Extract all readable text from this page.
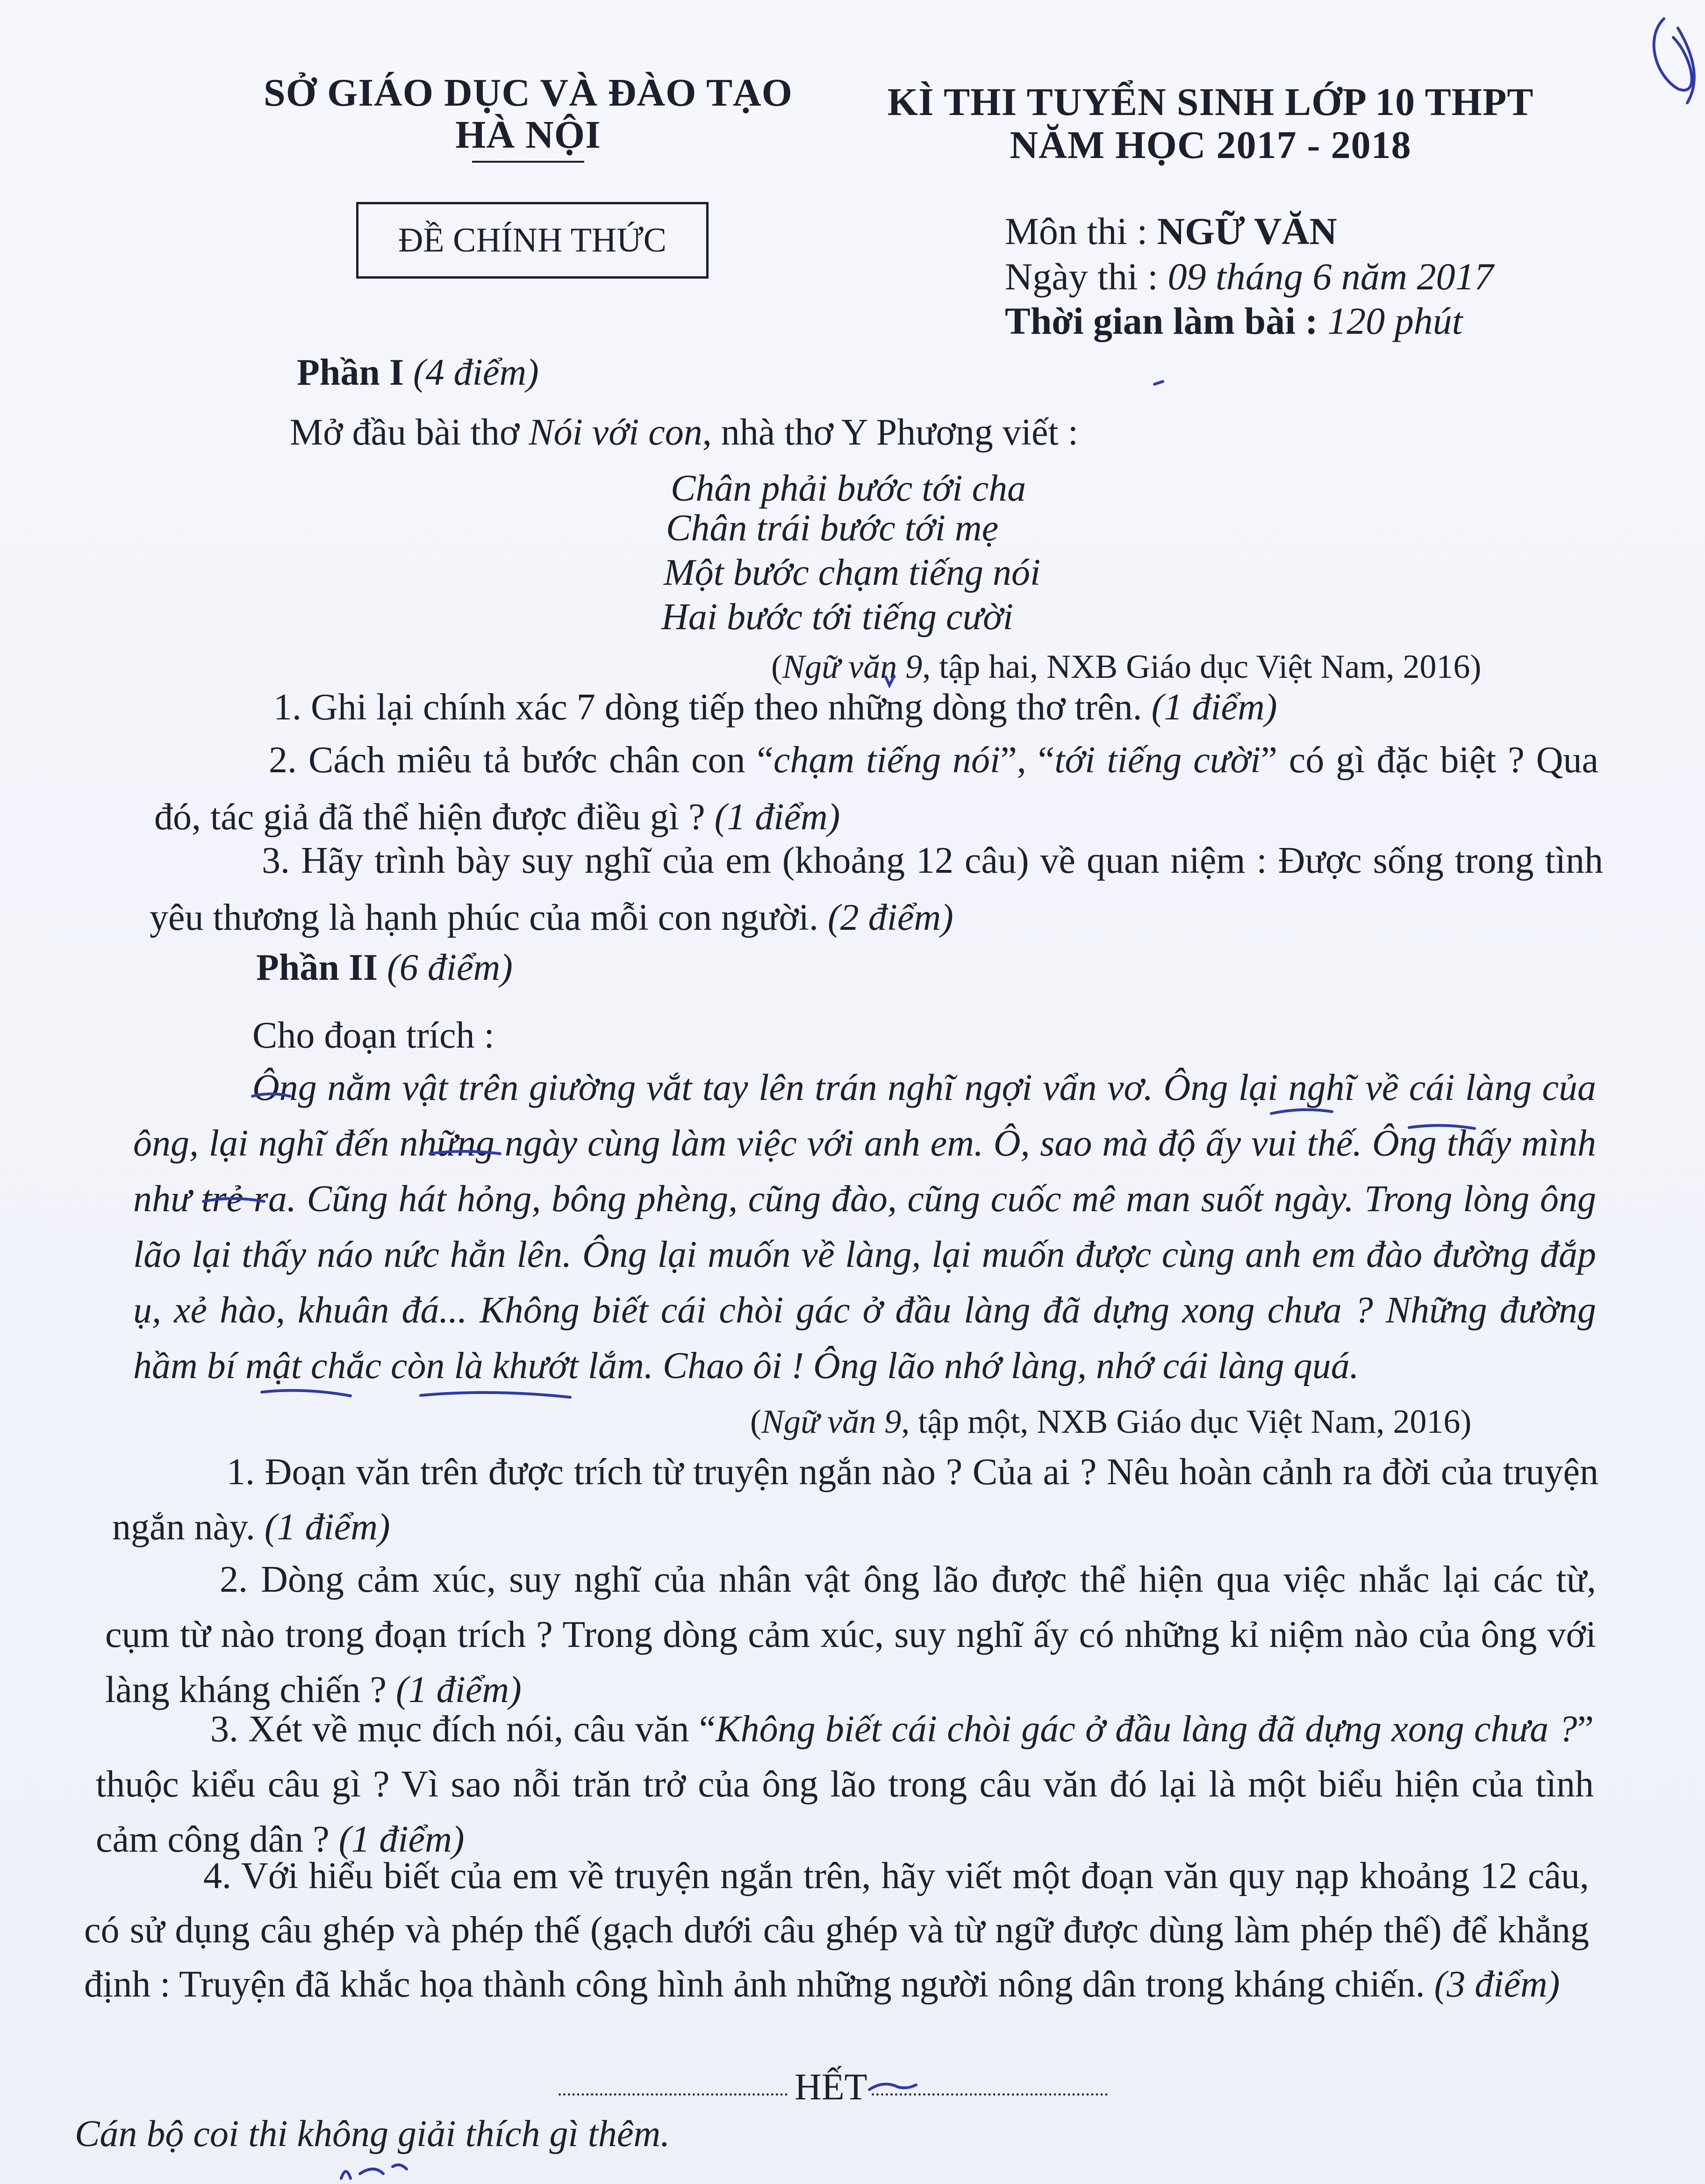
SỞ GIÁO DỤC VÀ ĐÀO TẠO
HÀ NỘI
KÌ THI TUYỂN SINH LỚP 10 THPT
NĂM HỌC 2017 - 2018
ĐỀ CHÍNH THỨC	Môn thi : NGỮ VĂN
Ngày thi : 09 tháng 6 năm 2017
Thời gian làm bài : 120 phút
Phần I (4 điểm)
Mở đầu bài thơ Nói với con, nhà thơ Y Phương viết :
Chân phải bước tới cha
Chân trái bước tới mẹ
Một bước chạm tiếng nói
Hai bước tới tiếng cười
(Ngữ văn 9, tập hai, NXB Giáo dục Việt Nam, 2016)
1. Ghi lại chính xác 7 dòng tiếp theo những dòng thơ trên. (1 điểm)
2. Cách miêu tả bước chân con “chạm tiếng nói”, “tới tiếng cười” có gì đặc biệt ? Qua đó, tác giả đã thể hiện được điều gì ? (1 điểm)
3. Hãy trình bày suy nghĩ của em (khoảng 12 câu) về quan niệm : Được sống trong tình yêu thương là hạnh phúc của mỗi con người. (2 điểm)
Phần II (6 điểm)
Cho đoạn trích :
Ông nằm vật trên giường vắt tay lên trán nghĩ ngợi vẩn vơ. Ông lại nghĩ về cái làng của ông, lại nghĩ đến những ngày cùng làm việc với anh em. Ô, sao mà độ ấy vui thế. Ông thấy mình như trẻ ra. Cũng hát hỏng, bông phèng, cũng đào, cũng cuốc mê man suốt ngày. Trong lòng ông lão lại thấy náo nức hẳn lên. Ông lại muốn về làng, lại muốn được cùng anh em đào đường đắp ụ, xẻ hào, khuân đá... Không biết cái chòi gác ở đầu làng đã dựng xong chưa ? Những đường hầm bí mật chắc còn là khướt lắm. Chao ôi ! Ông lão nhớ làng, nhớ cái làng quá.
(Ngữ văn 9, tập một, NXB Giáo dục Việt Nam, 2016)
1. Đoạn văn trên được trích từ truyện ngắn nào ? Của ai ? Nêu hoàn cảnh ra đời của truyện ngắn này. (1 điểm)
2. Dòng cảm xúc, suy nghĩ của nhân vật ông lão được thể hiện qua việc nhắc lại các từ, cụm từ nào trong đoạn trích ? Trong dòng cảm xúc, suy nghĩ ấy có những kỉ niệm nào của ông với làng kháng chiến ? (1 điểm)
3. Xét về mục đích nói, câu văn “Không biết cái chòi gác ở đầu làng đã dựng xong chưa ?” thuộc kiểu câu gì ? Vì sao nỗi trăn trở của ông lão trong câu văn đó lại là một biểu hiện của tình cảm công dân ? (1 điểm)
4. Với hiểu biết của em về truyện ngắn trên, hãy viết một đoạn văn quy nạp khoảng 12 câu, có sử dụng câu ghép và phép thế (gạch dưới câu ghép và từ ngữ được dùng làm phép thế) để khẳng định : Truyện đã khắc họa thành công hình ảnh những người nông dân trong kháng chiến. (3 điểm)
HẾT
Cán bộ coi thi không giải thích gì thêm.
